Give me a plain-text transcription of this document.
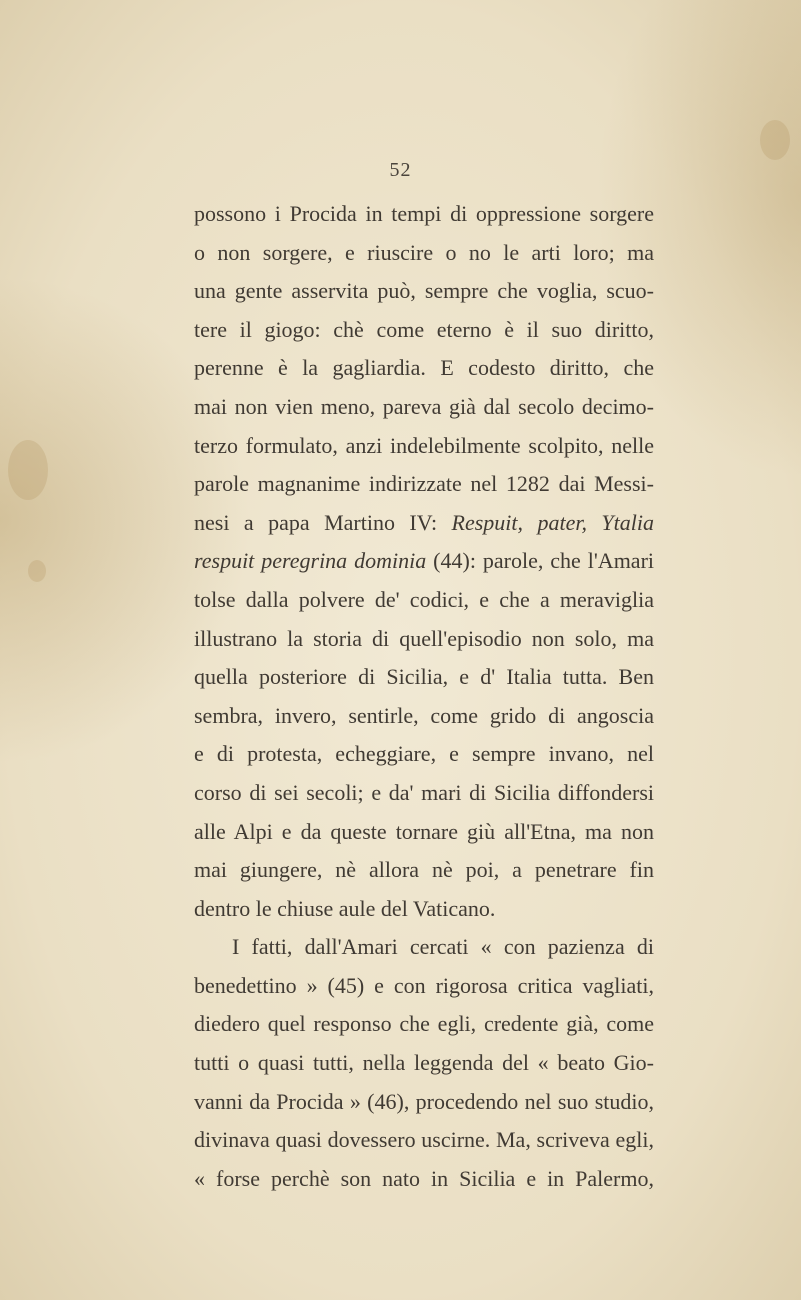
52
possono i Procida in tempi di oppressione sorgere
o non sorgere, e riuscire o no le arti loro; ma
una gente asservita può, sempre che voglia, scuo-
tere il giogo: chè come eterno è il suo diritto,
perenne è la gagliardia. E codesto diritto, che
mai non vien meno, pareva già dal secolo decimo-
terzo formulato, anzi indelebilmente scolpito, nelle
parole magnanime indirizzate nel 1282 dai Messi-
nesi a papa Martino IV: Respuit, pater, Ytalia
respuit peregrina dominia (44): parole, che l'Amari
tolse dalla polvere de' codici, e che a meraviglia
illustrano la storia di quell'episodio non solo, ma
quella posteriore di Sicilia, e d' Italia tutta. Ben
sembra, invero, sentirle, come grido di angoscia
e di protesta, echeggiare, e sempre invano, nel
corso di sei secoli; e da' mari di Sicilia diffondersi
alle Alpi e da queste tornare giù all'Etna, ma non
mai giungere, nè allora nè poi, a penetrare fin
dentro le chiuse aule del Vaticano.
I fatti, dall'Amari cercati « con pazienza di
benedettino » (45) e con rigorosa critica vagliati,
diedero quel responso che egli, credente già, come
tutti o quasi tutti, nella leggenda del « beato Gio-
vanni da Procida » (46), procedendo nel suo studio,
divinava quasi dovessero uscirne. Ma, scriveva egli,
« forse perchè son nato in Sicilia e in Palermo,
